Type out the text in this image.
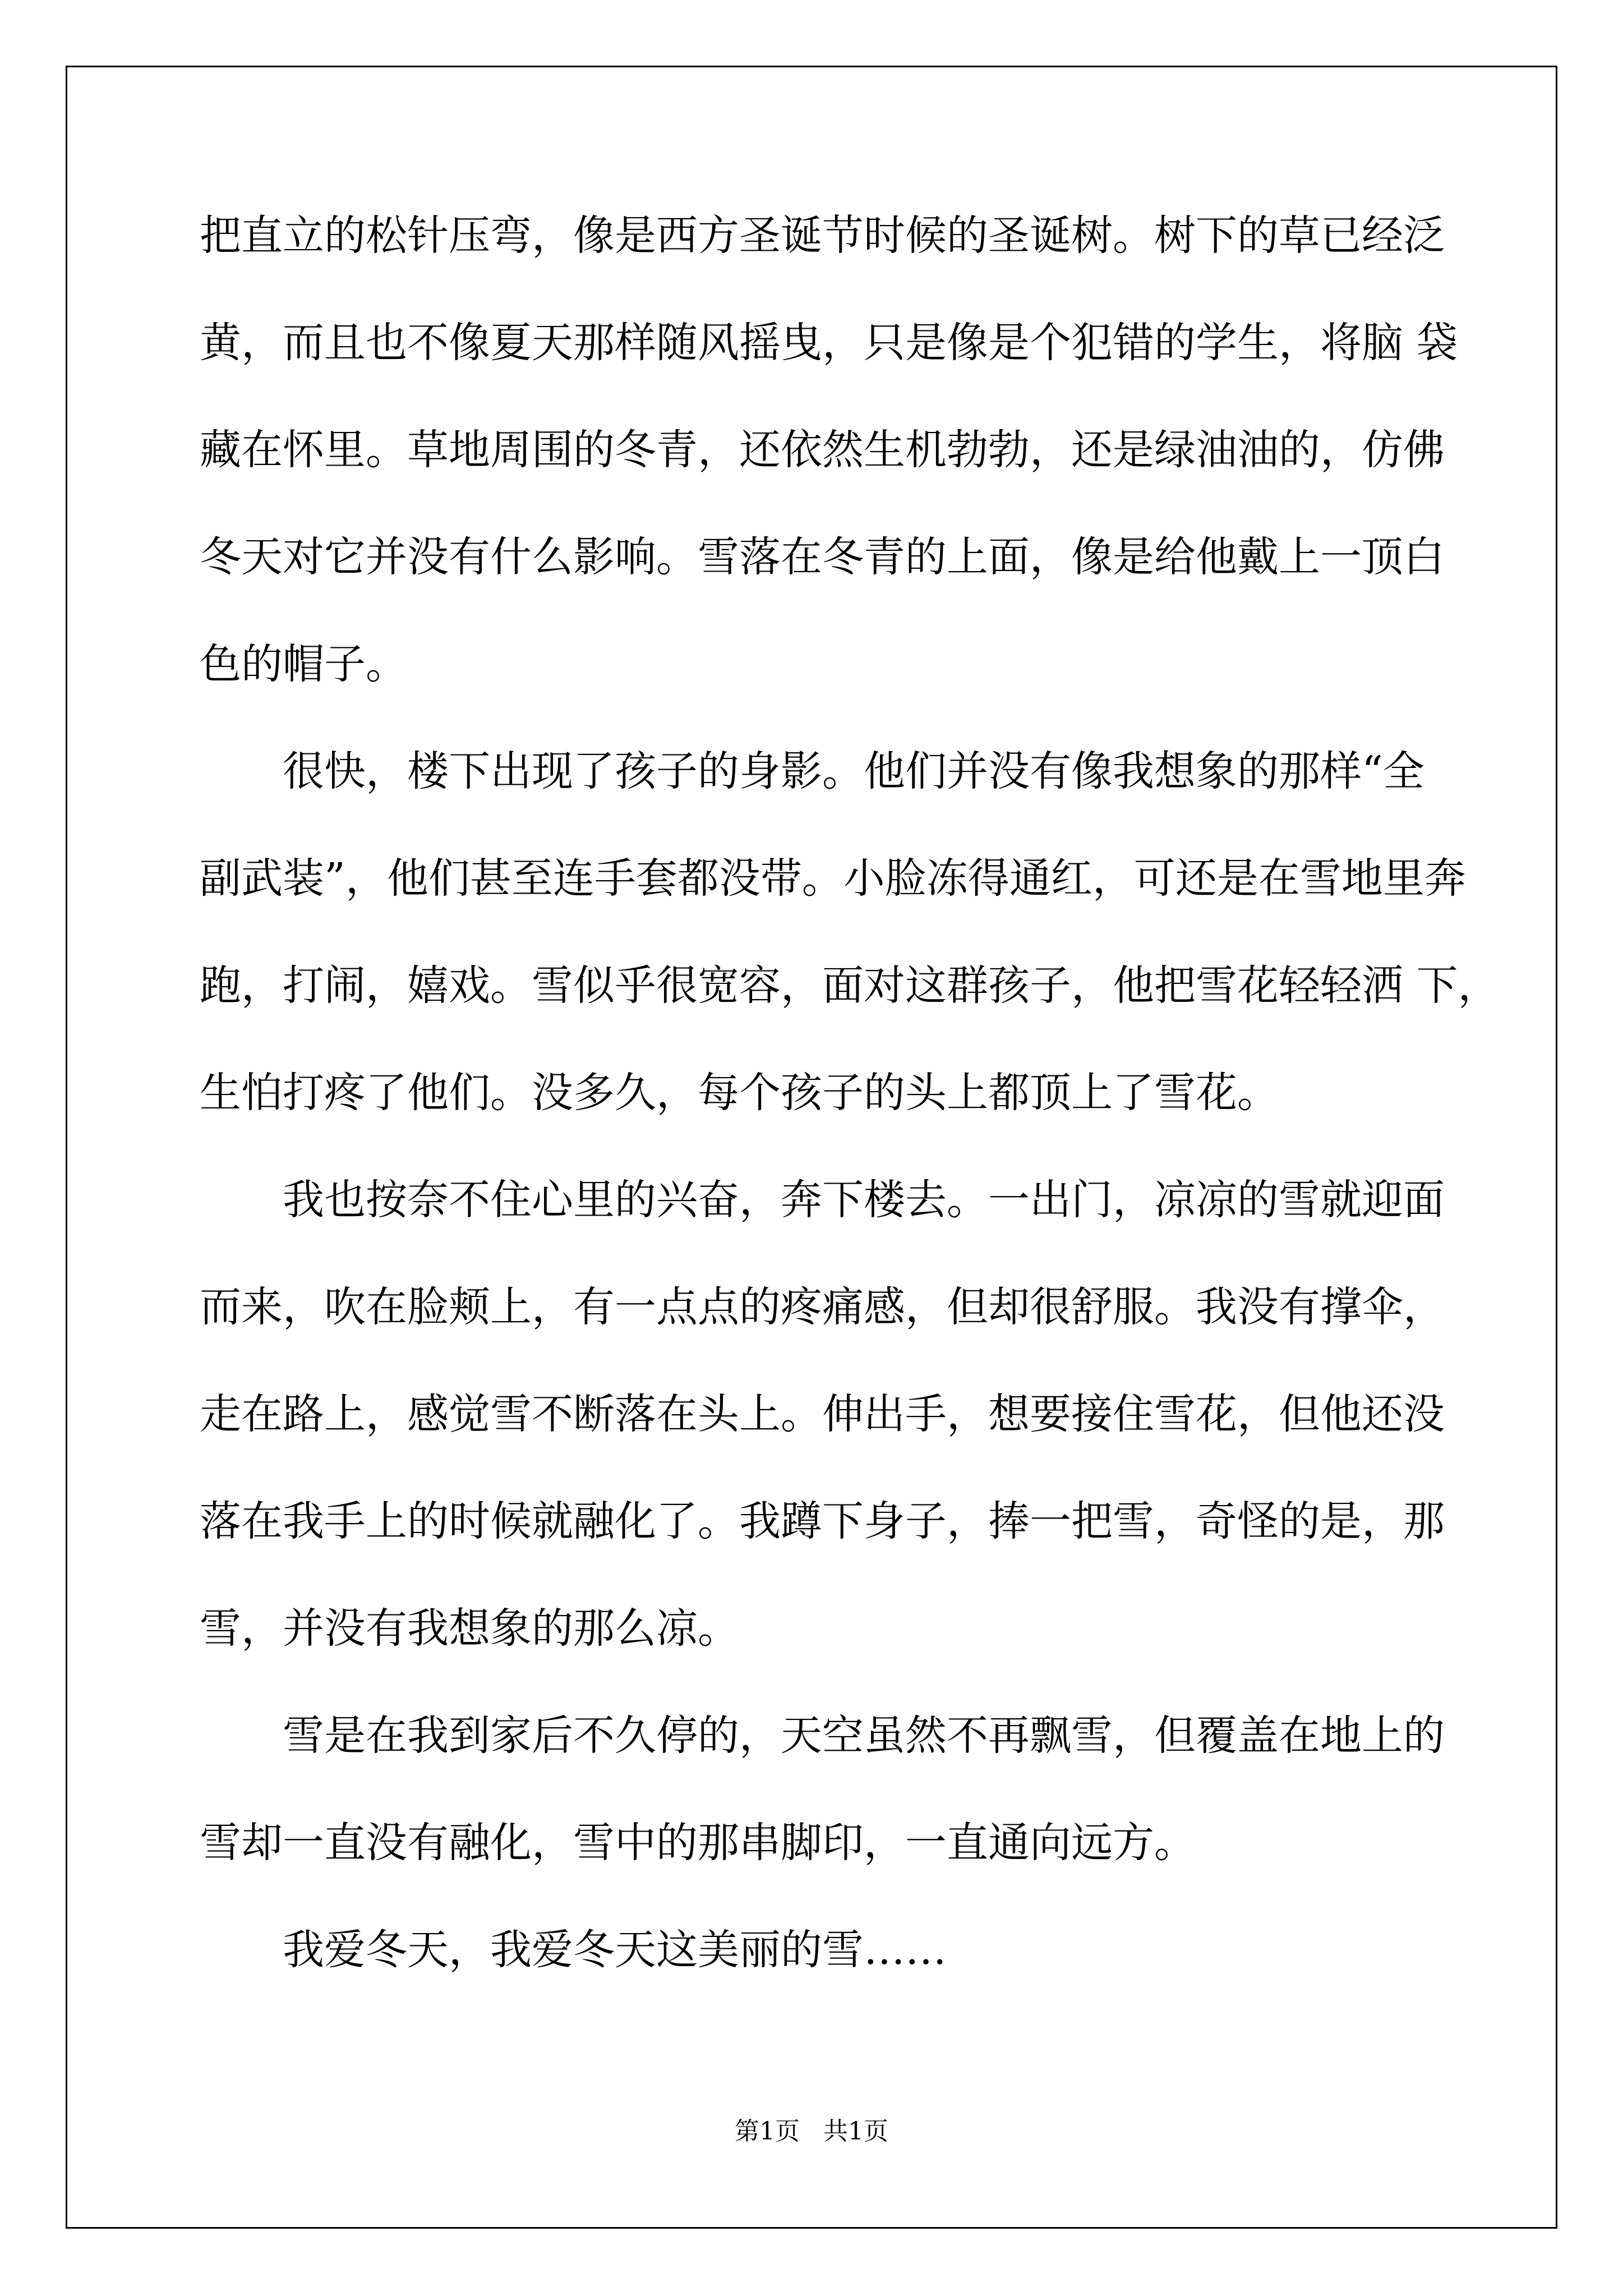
把直立的松针压弯，像是西方圣诞节时候的圣诞树。树下的草已经泛
黄，而且也不像夏天那样随风摇曳，只是像是个犯错的学生，将脑 袋
藏在怀里。草地周围的冬青，还依然生机勃勃，还是绿油油的，仿佛
冬天对它并没有什么影响。雪落在冬青的上面，像是给他戴上一顶白
色的帽子。
　　很快，楼下出现了孩子的身影。他们并没有像我想象的那样“全
副武装”，他们甚至连手套都没带。小脸冻得通红，可还是在雪地里奔
跑，打闹，嬉戏。雪似乎很宽容，面对这群孩子，他把雪花轻轻洒 下，
生怕打疼了他们。没多久，每个孩子的头上都顶上了雪花。
　　我也按奈不住心里的兴奋，奔下楼去。一出门，凉凉的雪就迎面
而来，吹在脸颊上，有一点点的疼痛感，但却很舒服。我没有撑伞，
走在路上，感觉雪不断落在头上。伸出手，想要接住雪花，但他还没
落在我手上的时候就融化了。我蹲下身子，捧一把雪，奇怪的是，那
雪，并没有我想象的那么凉。
　　雪是在我到家后不久停的，天空虽然不再飘雪，但覆盖在地上的
雪却一直没有融化，雪中的那串脚印，一直通向远方。
　　我爱冬天，我爱冬天这美丽的雪……
第1页 共1页
